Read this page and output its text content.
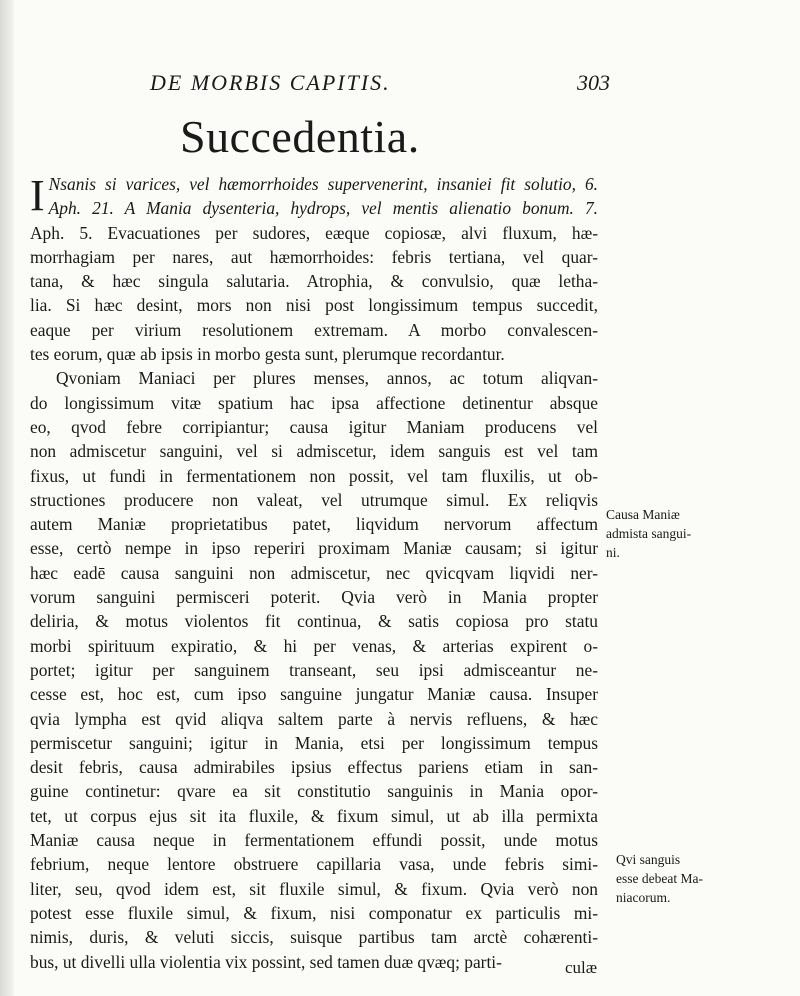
DE MORBIS CAPITIS.	303
Succedentia.
I Nsanis si varices, vel hæmorrhoides supervenerint, insaniei fit solutio, 6.
Aph. 21. A Mania dysenteria, hydrops, vel mentis alienatio bonum. 7.
Aph. 5. Evacuationes per sudores, eæque copiosæ, alvi fluxum, hæ-
morrhagiam per nares, aut hæmorrhoides: febris tertiana, vel quar-
tana, & hæc singula salutaria. Atrophia, & convulsio, quæ letha-
lia. Si hæc desint, mors non nisi post longissimum tempus succedit,
eaque per virium resolutionem extremam. A morbo convalescen-
tes eorum, quæ ab ipsis in morbo gesta sunt, plerumque recordantur.
Qvoniam Maniaci per plures menses, annos, ac totum aliqvan-
do longissimum vitæ spatium hac ipsa affectione detinentur absque
eo, qvod febre corripiantur; causa igitur Maniam producens vel
non admiscetur sanguini, vel si admiscetur, idem sanguis est vel tam
fixus, ut fundi in fermentationem non possit, vel tam fluxilis, ut ob-
structiones producere non valeat, vel utrumque simul. Ex reliqvis
autem Maniæ proprietatibus patet, liqvidum nervorum affectum
esse, certò nempe in ipso reperiri proximam Maniæ causam; si igitur
hæc eadē causa sanguini non admiscetur, nec qvicqvam liqvidi ner-
vorum sanguini permisceri poterit. Qvia verò in Mania propter
deliria, & motus violentos fit continua, & satis copiosa pro statu
morbi spirituum expiratio, & hi per venas, & arterias expirent o-
portet; igitur per sanguinem transeant, seu ipsi admisceantur ne-
cesse est, hoc est, cum ipso sanguine jungatur Maniæ causa. Insuper
qvia lympha est qvid aliqva saltem parte à nervis refluens, & hæc
permiscetur sanguini; igitur in Mania, etsi per longissimum tempus
desit febris, causa admirabiles ipsius effectus pariens etiam in san-
guine continetur: qvare ea sit constitutio sanguinis in Mania opor-
tet, ut corpus ejus sit ita fluxile, & fixum simul, ut ab illa permixta
Maniæ causa neque in fermentationem effundi possit, unde motus
febrium, neque lentore obstruere capillaria vasa, unde febris simi-
liter, seu, qvod idem est, sit fluxile simul, & fixum. Qvia verò non
potest esse fluxile simul, & fixum, nisi componatur ex particulis mi-
nimis, duris, & veluti siccis, suisque partibus tam arctè cohærenti-
bus, ut divelli ulla violentia vix possint, sed tamen duæ qvæq; parti-
Causa Maniæ
admista sangui-
ni.
Qvi sanguis
esse debeat Ma-
niacorum.
culæ
